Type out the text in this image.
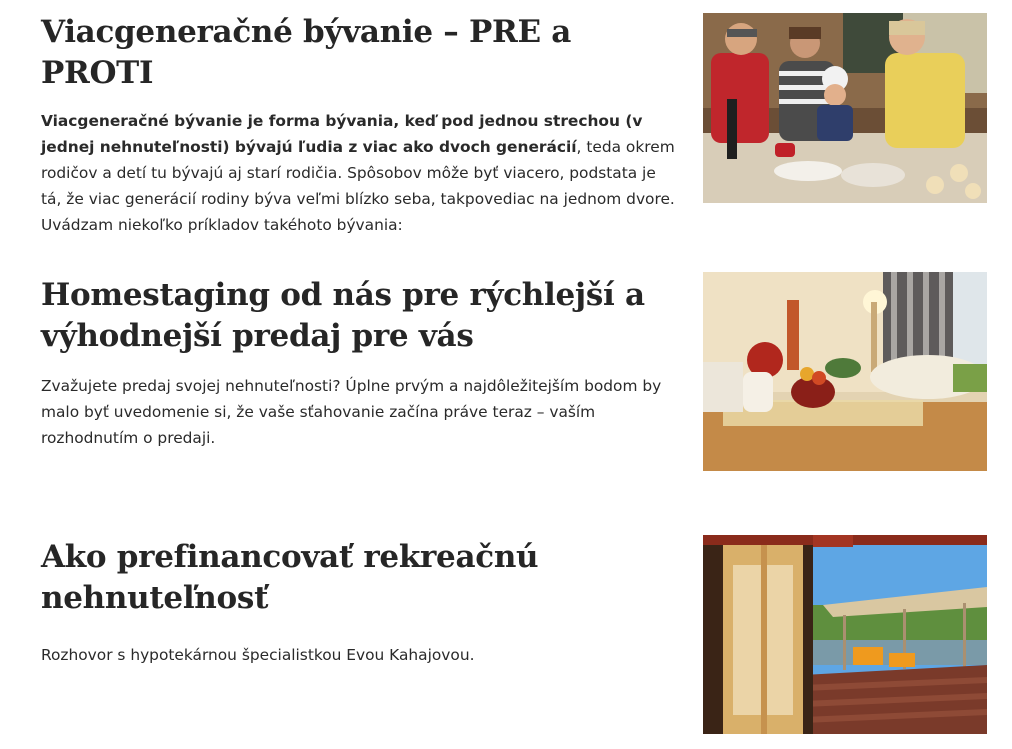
Viacgeneračné bývanie – PRE a PROTI

Viacgeneračné bývanie je forma bývania, keď pod jednou strechou (v jednej nehnuteľnosti) bývajú ľudia z viac ako dvoch generácií, teda okrem rodičov a detí tu bývajú aj starí rodičia. Spôsobov môže byť viacero, podstata je tá, že viac generácií rodiny býva veľmi blízko seba, takpovediac na jednom dvore. Uvádzam niekoľko príkladov takéhoto bývania:

Homestaging od nás pre rýchlejší a výhodnejší predaj pre vás

Zvažujete predaj svojej nehnuteľnosti? Úplne prvým a najdôležitejším bodom by malo byť uvedomenie si, že vaše sťahovanie začína práve teraz – vaším rozhodnutím o predaji.

Ako prefinancovať rekreačnú nehnuteľnosť

Rozhovor s hypotekárnou špecialistkou Evou Kahajovou.
